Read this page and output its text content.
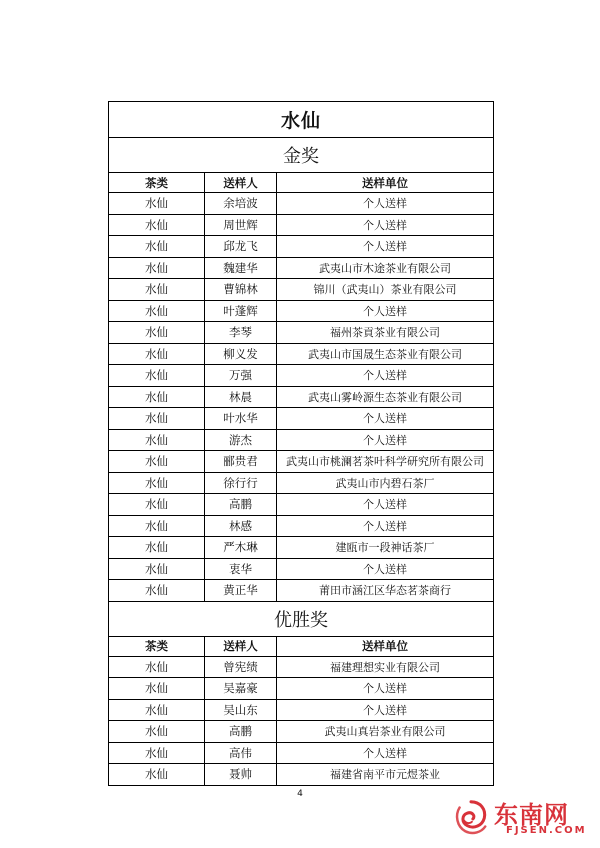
水仙		
金奖		
茶类	送样人	送样单位
水仙	余培波	个人送样
水仙	周世辉	个人送样
水仙	邱龙飞	个人送样
水仙	魏建华	武夷山市木途茶业有限公司
水仙	曹锦林	锦川（武夷山）茶业有限公司
水仙	叶蓬辉	个人送样
水仙	李琴	福州茶貢茶业有限公司
水仙	柳义发	武夷山市国晟生态茶业有限公司
水仙	万强	个人送样
水仙	林晨	武夷山雾岭源生态茶业有限公司
水仙	叶水华	个人送样
水仙	游杰	个人送样
水仙	郦贵君	武夷山市桃澜茗茶叶科学研究所有限公司
水仙	徐行行	武夷山市内碧石茶厂
水仙	高鹏	个人送样
水仙	林感	个人送样
水仙	严木琳	建瓯市一段神话茶厂
水仙	衷华	个人送样
水仙	黄正华	莆田市涵江区华态茗茶商行
优胜奖		
茶类	送样人	送样单位
水仙	曾宪绩	福建理想实业有限公司
水仙	吴嘉豪	个人送样
水仙	吴山东	个人送样
水仙	高鹏	武夷山真岩茶业有限公司
水仙	高伟	个人送样
水仙	聂帅	福建省南平市元煜茶业
4
东南网
FJSEN.COM
